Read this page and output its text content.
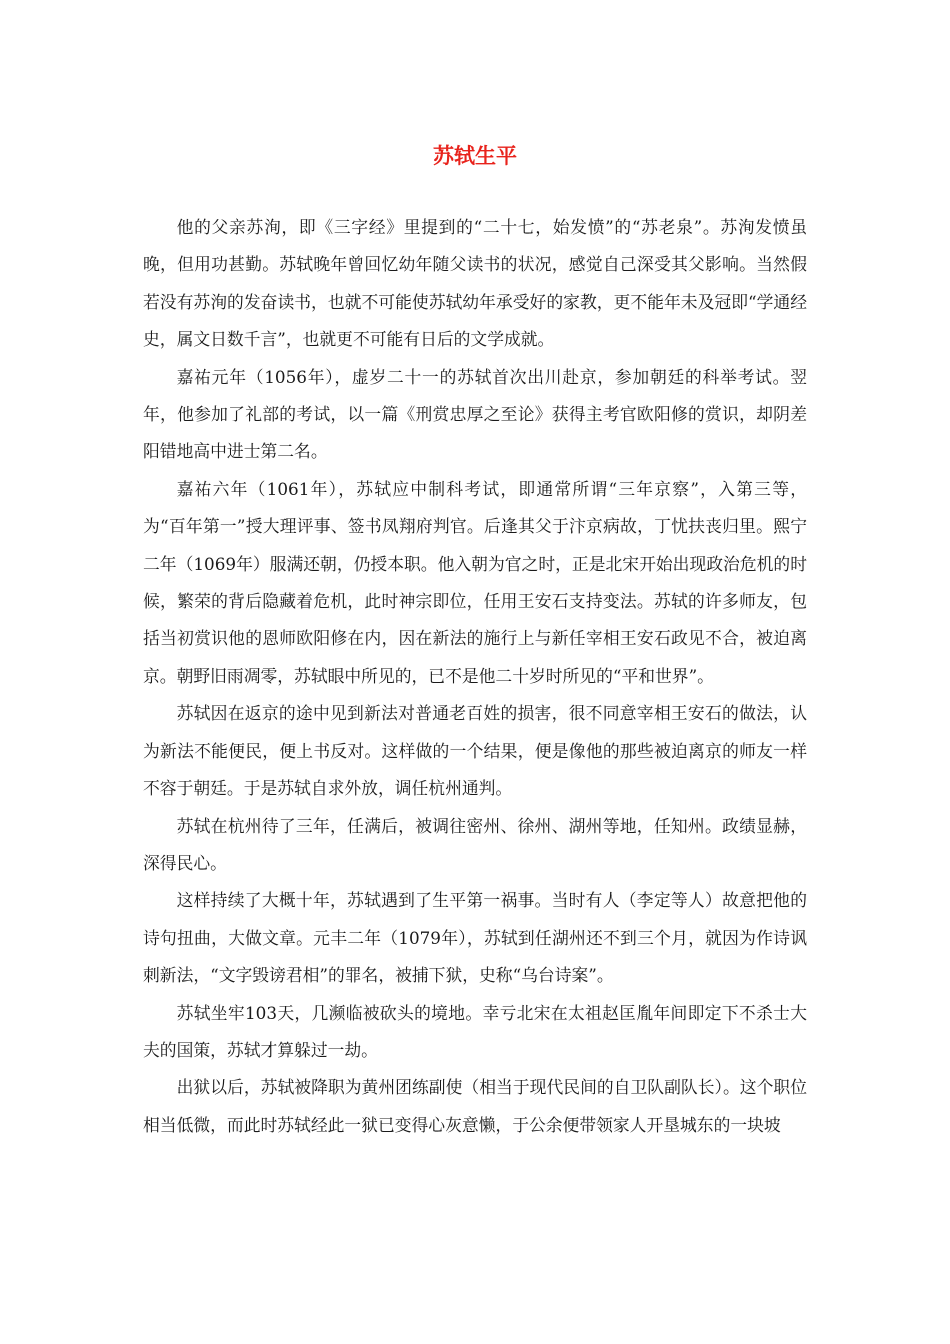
苏轼生平

他的父亲苏洵，即《三字经》里提到的“二十七，始发愤”的“苏老泉”。苏洵发愤虽晚，但用功甚勤。苏轼晚年曾回忆幼年随父读书的状况，感觉自己深受其父影响。当然假若没有苏洵的发奋读书，也就不可能使苏轼幼年承受好的家教，更不能年未及冠即“学通经史，属文日数千言”，也就更不可能有日后的文学成就。

嘉祐元年（1056年），虚岁二十一的苏轼首次出川赴京，参加朝廷的科举考试。翌年，他参加了礼部的考试，以一篇《刑赏忠厚之至论》获得主考官欧阳修的赏识，却阴差阳错地高中进士第二名。

嘉祐六年（1061年），苏轼应中制科考试，即通常所谓“三年京察”，入第三等，为“百年第一”授大理评事、签书凤翔府判官。后逢其父于汴京病故，丁忧扶丧归里。熙宁二年（1069年）服满还朝，仍授本职。他入朝为官之时，正是北宋开始出现政治危机的时候，繁荣的背后隐藏着危机，此时神宗即位，任用王安石支持变法。苏轼的许多师友，包括当初赏识他的恩师欧阳修在内，因在新法的施行上与新任宰相王安石政见不合，被迫离京。朝野旧雨凋零，苏轼眼中所见的，已不是他二十岁时所见的“平和世界”。

苏轼因在返京的途中见到新法对普通老百姓的损害，很不同意宰相王安石的做法，认为新法不能便民，便上书反对。这样做的一个结果，便是像他的那些被迫离京的师友一样不容于朝廷。于是苏轼自求外放，调任杭州通判。

苏轼在杭州待了三年，任满后，被调往密州、徐州、湖州等地，任知州。政绩显赫，深得民心。

这样持续了大概十年，苏轼遇到了生平第一祸事。当时有人（李定等人）故意把他的诗句扭曲，大做文章。元丰二年（1079年），苏轼到任湖州还不到三个月，就因为作诗讽刺新法，“文字毁谤君相”的罪名，被捕下狱，史称“乌台诗案”。

苏轼坐牢103天，几濒临被砍头的境地。幸亏北宋在太祖赵匡胤年间即定下不杀士大夫的国策，苏轼才算躲过一劫。

出狱以后，苏轼被降职为黄州团练副使（相当于现代民间的自卫队副队长）。这个职位相当低微，而此时苏轼经此一狱已变得心灰意懒，于公余便带领家人开垦城东的一块坡
